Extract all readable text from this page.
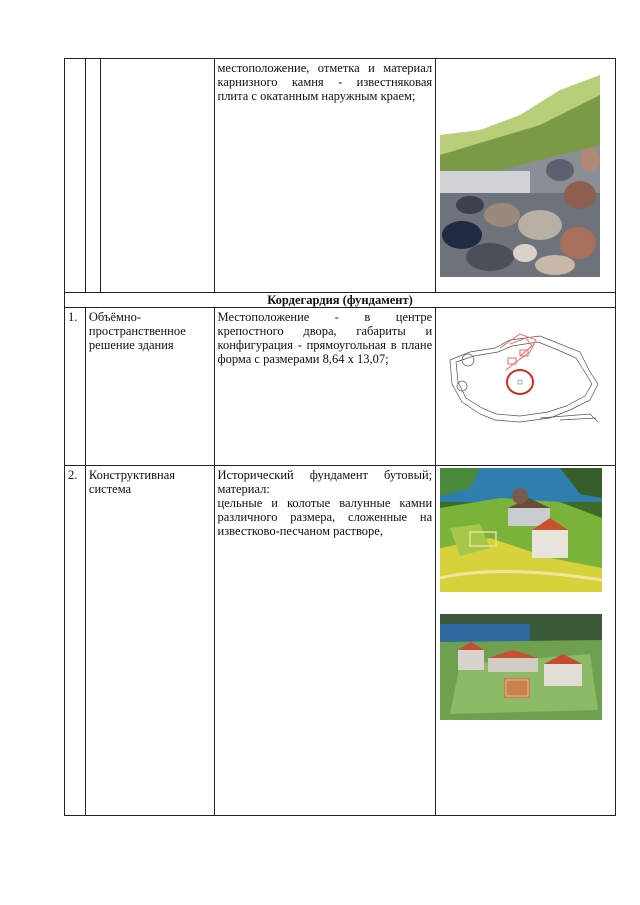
	местоположение, отметка и материал карнизного камня - известняковая плита с окатанным наружным краем;	

Кордегардия (фундамент)			
1.	Объёмно-пространственное решение здания	Местоположение - в центре крепостного двора, габариты и конфигурация - прямоугольная в плане форма с размерами 8,64 х 13,07;	

2.	Конструктивная система	Исторический фундамент бутовый; материал:
цельные и колотые валунные камни различного размера, сложенные на известково-песчаном растворе,
